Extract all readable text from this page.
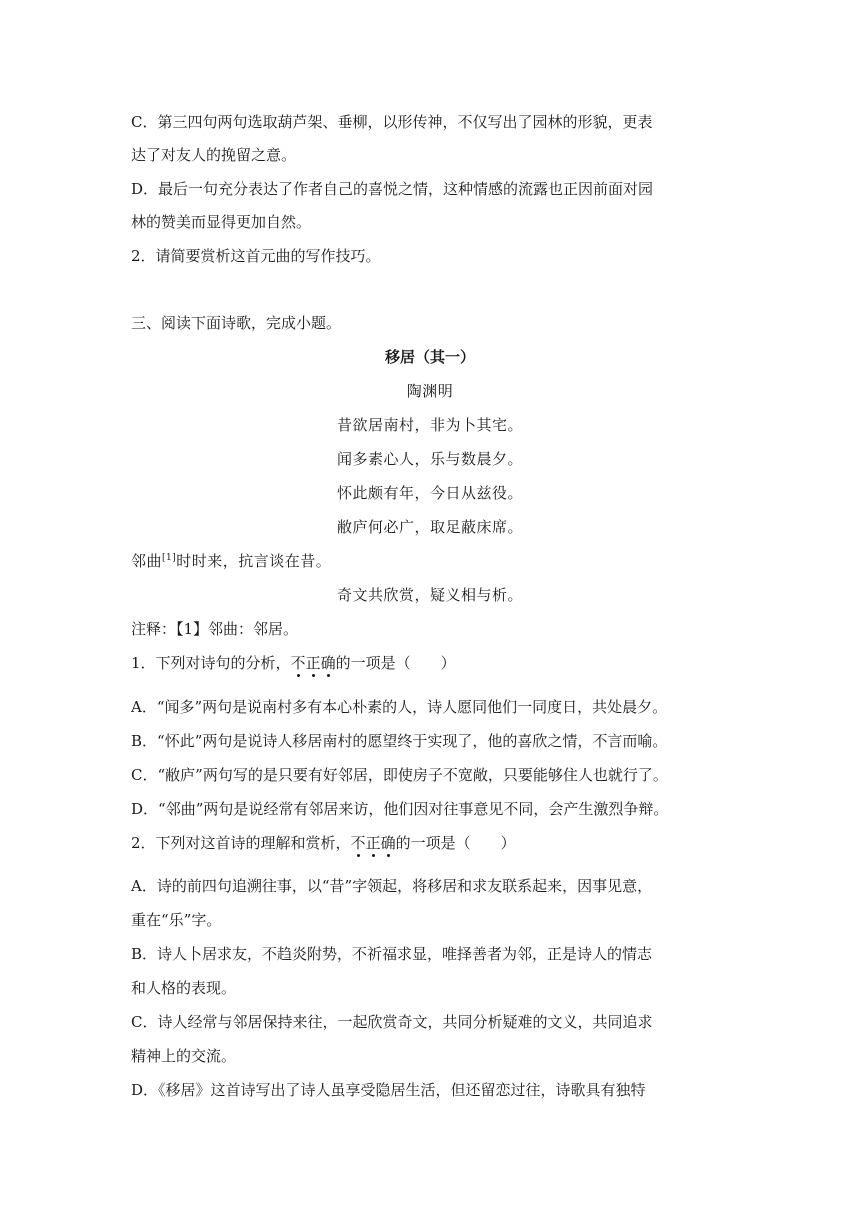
C．第三四句两句选取葫芦架、垂柳，以形传神，不仅写出了园林的形貌，更表
达了对友人的挽留之意。
D．最后一句充分表达了作者自己的喜悦之情，这种情感的流露也正因前面对园
林的赞美而显得更加自然。
2．请简要赏析这首元曲的写作技巧。
三、阅读下面诗歌，完成小题。
移居（其一）
陶渊明
昔欲居南村，非为卜其宅。
闻多素心人，乐与数晨夕。
怀此颇有年，今日从兹役。
敝庐何必广，取足蔽床席。
邻曲[1]时时来，抗言谈在昔。
奇文共欣赏，疑义相与析。
注释：【1】邻曲：邻居。
1．下列对诗句的分析，不正确的一项是（　　）
A．“闻多”两句是说南村多有本心朴素的人，诗人愿同他们一同度日，共处晨夕。
B．“怀此”两句是说诗人移居南村的愿望终于实现了，他的喜欣之情，不言而喻。
C．“敝庐”两句写的是只要有好邻居，即使房子不宽敞，只要能够住人也就行了。
D．“邻曲”两句是说经常有邻居来访，他们因对往事意见不同，会产生激烈争辩。
2．下列对这首诗的理解和赏析，不正确的一项是（　　）
A．诗的前四句追溯往事，以“昔”字领起，将移居和求友联系起来，因事见意，
重在“乐”字。
B．诗人卜居求友，不趋炎附势，不祈福求显，唯择善者为邻，正是诗人的情志
和人格的表现。
C．诗人经常与邻居保持来往，一起欣赏奇文，共同分析疑难的文义，共同追求
精神上的交流。
D．《移居》这首诗写出了诗人虽享受隐居生活，但还留恋过往，诗歌具有独特
